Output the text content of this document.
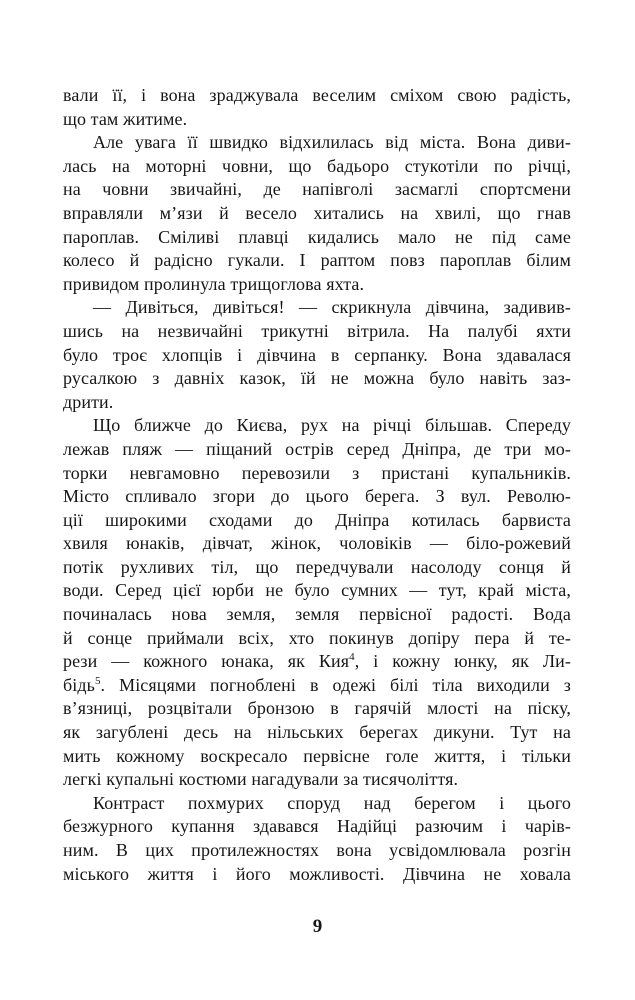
вали її, і вона зраджувала веселим сміхом свою радість,
що там житиме.
Але увага її швидко відхилилась від міста. Вона диви-
лась на моторні човни, що бадьоро стукотіли по річці,
на човни звичайні, де напівголі засмаглі спортсмени
вправляли м’язи й весело хитались на хвилі, що гнав
пароплав. Сміливі плавці кидались мало не під саме
колесо й радісно гукали. І раптом повз пароплав білим
привидом пролинула трищоглова яхта.
— Дивіться, дивіться! — скрикнула дівчина, задивив-
шись на незвичайні трикутні вітрила. На палубі яхти
було троє хлопців і дівчина в серпанку. Вона здавалася
русалкою з давніх казок, їй не можна було навіть заз-
дрити.
Що ближче до Києва, рух на річці більшав. Спереду
лежав пляж — піщаний острів серед Дніпра, де три мо-
торки невгамовно перевозили з пристані купальників.
Місто спливало згори до цього берега. З вул. Револю-
ції широкими сходами до Дніпра котилась барвиста
хвиля юнаків, дівчат, жінок, чоловіків — біло-рожевий
потік рухливих тіл, що передчували насолоду сонця й
води. Серед цієї юрби не було сумних — тут, край міста,
починалась нова земля, земля первісної радості. Вода
й сонце приймали всіх, хто покинув допіру пера й те-
рези — кожного юнака, як Кия$^4$, і кожну юнку, як Ли-
бідь$^5$. Місяцями погноблені в одежі білі тіла виходили з
в’язниці, розцвітали бронзою в гарячій млості на піску,
як загублені десь на нільських берегах дикуни. Тут на
мить кожному воскресало первісне голе життя, і тільки
легкі купальні костюми нагадували за тисячоліття.
Контраст похмурих споруд над берегом і цього
безжурного купання здавався Надійці разючим і чарів-
ним. В цих протилежностях вона усвідомлювала розгін
міського життя і його можливості. Дівчина не ховала
9
